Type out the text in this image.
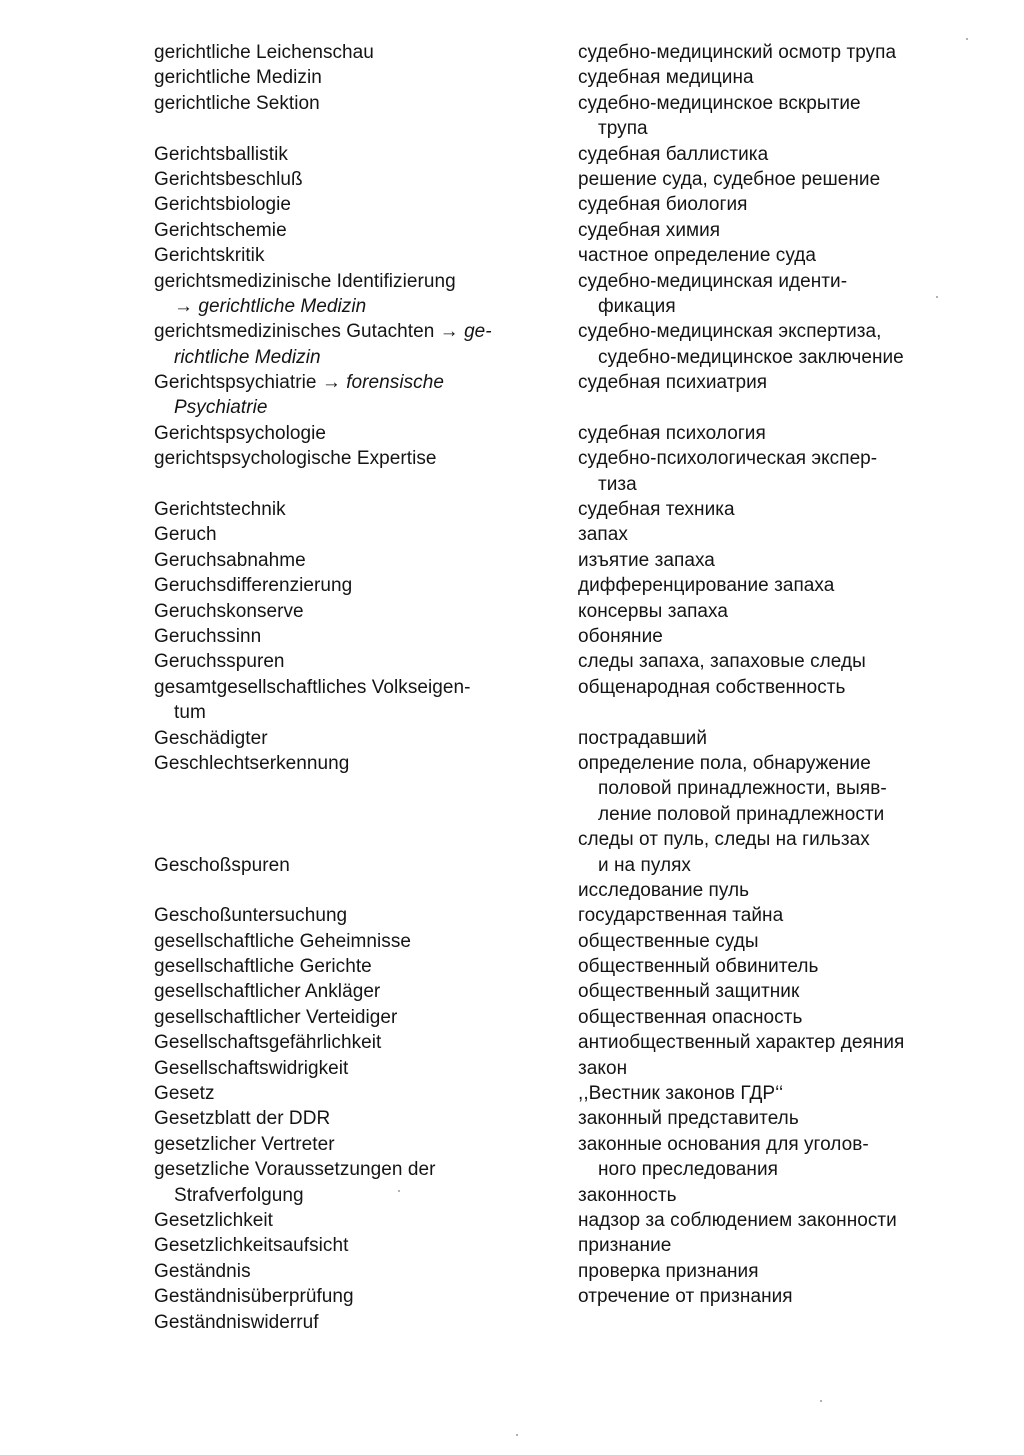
gerichtliche Leichenschau
gerichtliche Medizin
gerichtliche Sektion
Gerichtsballistik
Gerichtsbeschluß
Gerichtsbiologie
Gerichtschemie
Gerichtskritik
gerichtsmedizinische Identifizierung
→ gerichtliche Medizin
gerichtsmedizinisches Gutachten → ge-
richtliche Medizin
Gerichtspsychiatrie → forensische
Psychiatrie
Gerichtspsychologie
gerichtspsychologische Expertise
Gerichtstechnik
Geruch
Geruchsabnahme
Geruchsdifferenzierung
Geruchskonserve
Geruchssinn
Geruchsspuren
gesamtgesellschaftliches Volkseigen-
tum
Geschädigter
Geschlechtserkennung
Geschoßspuren
Geschoßuntersuchung
gesellschaftliche Geheimnisse
gesellschaftliche Gerichte
gesellschaftlicher Ankläger
gesellschaftlicher Verteidiger
Gesellschaftsgefährlichkeit
Gesellschaftswidrigkeit
Gesetz
Gesetzblatt der DDR
gesetzlicher Vertreter
gesetzliche Voraussetzungen der
Strafverfolgung
Gesetzlichkeit
Gesetzlichkeitsaufsicht
Geständnis
Geständnisüberprüfung
Geständniswiderruf
судебно-медицинский осмотр трупа
судебная медицина
судебно-медицинское вскрытие
трупа
судебная баллистика
решение суда, судебное решение
судебная биология
судебная химия
частное определение суда
судебно-медицинская иденти-
фикация
судебно-медицинская экспертиза,
судебно-медицинское заключение
судебная психиатрия
судебная психология
судебно-психологическая экспер-
тиза
судебная техника
запах
изъятие запаха
дифференцирование запаха
консервы запаха
обоняние
следы запаха, запаховые следы
общенародная собственность
пострадавший
определение пола, обнаружение
половой принадлежности, выяв-
ление половой принадлежности
следы от пуль, следы на гильзах
и на пулях
исследование пуль
государственная тайна
общественные суды
общественный обвинитель
общественный защитник
общественная опасность
антиобщественный характер деяния
закон
,,Вестник законов ГДР‘‘
законный представитель
законные основания для уголов-
ного преследования
законность
надзор за соблюдением законности
признание
проверка признания
отречение от признания
